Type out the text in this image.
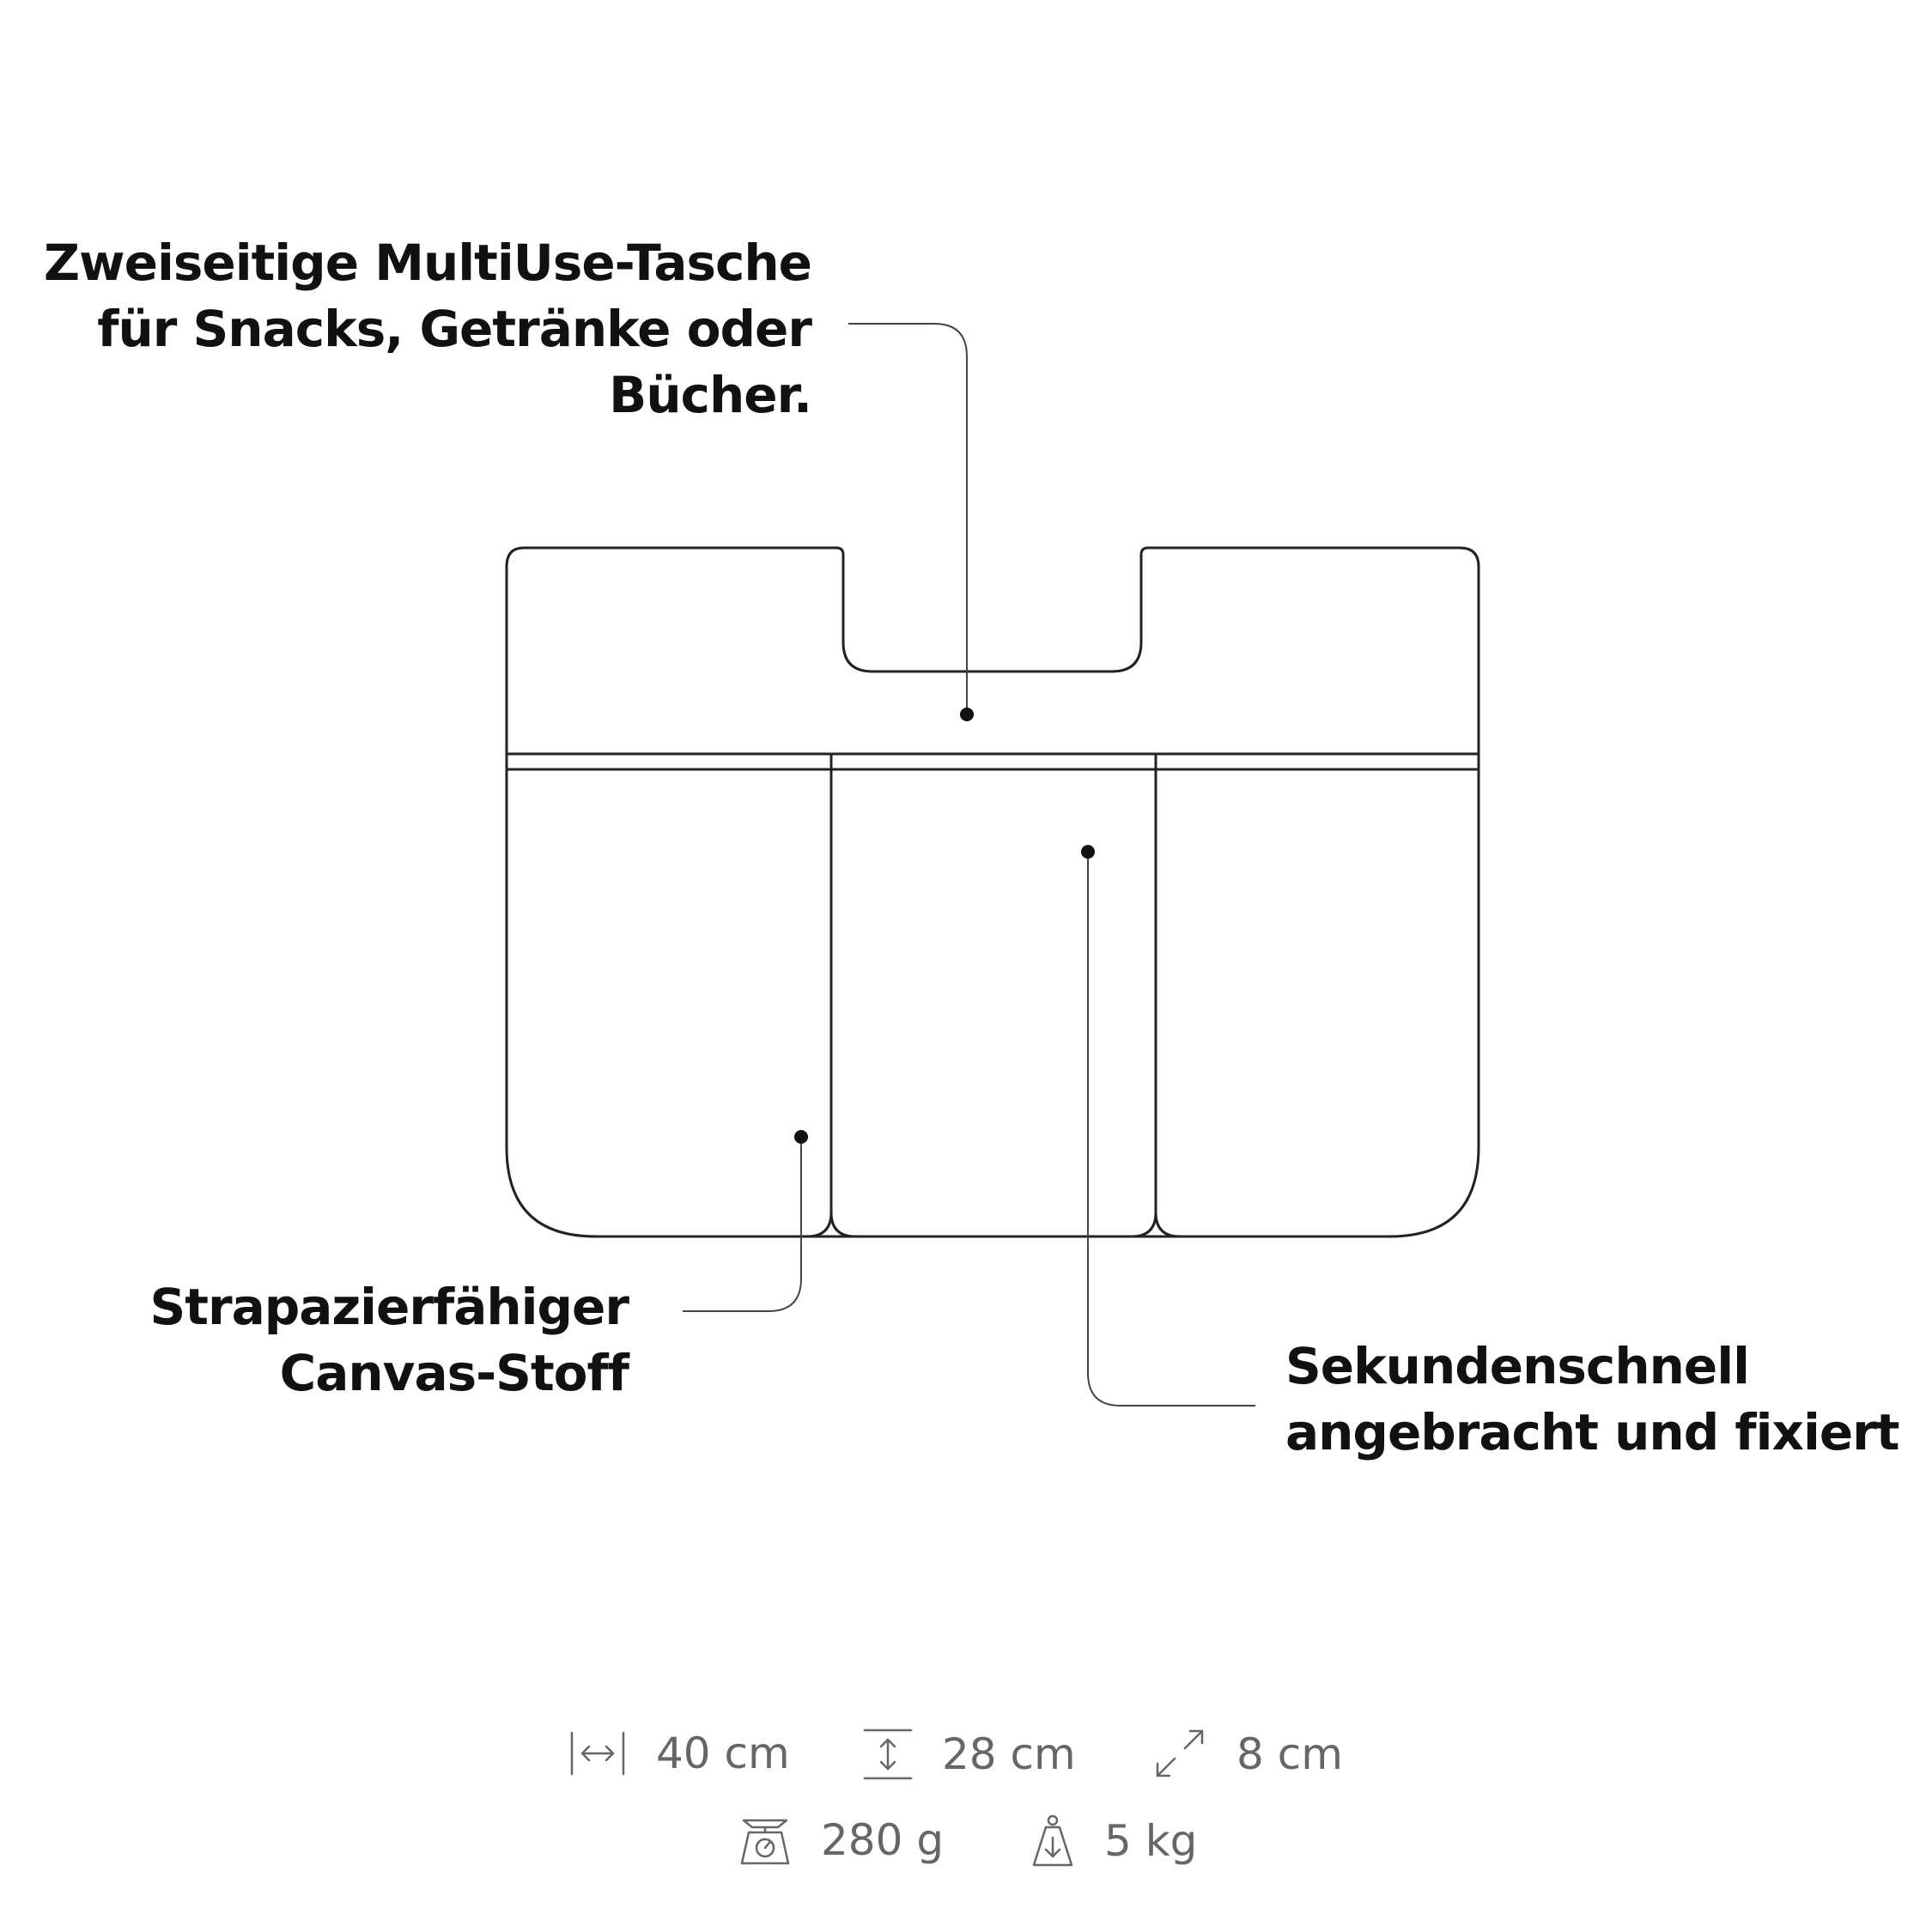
Zweiseitige MultiUse-Tasche
für Snacks, Getränke oder
Bücher.
Strapazierfähiger
Canvas-Stoff	Sekundenschnell
angebracht und fixiert
40 cm	28 cm	8 cm
280 g	5 kg
